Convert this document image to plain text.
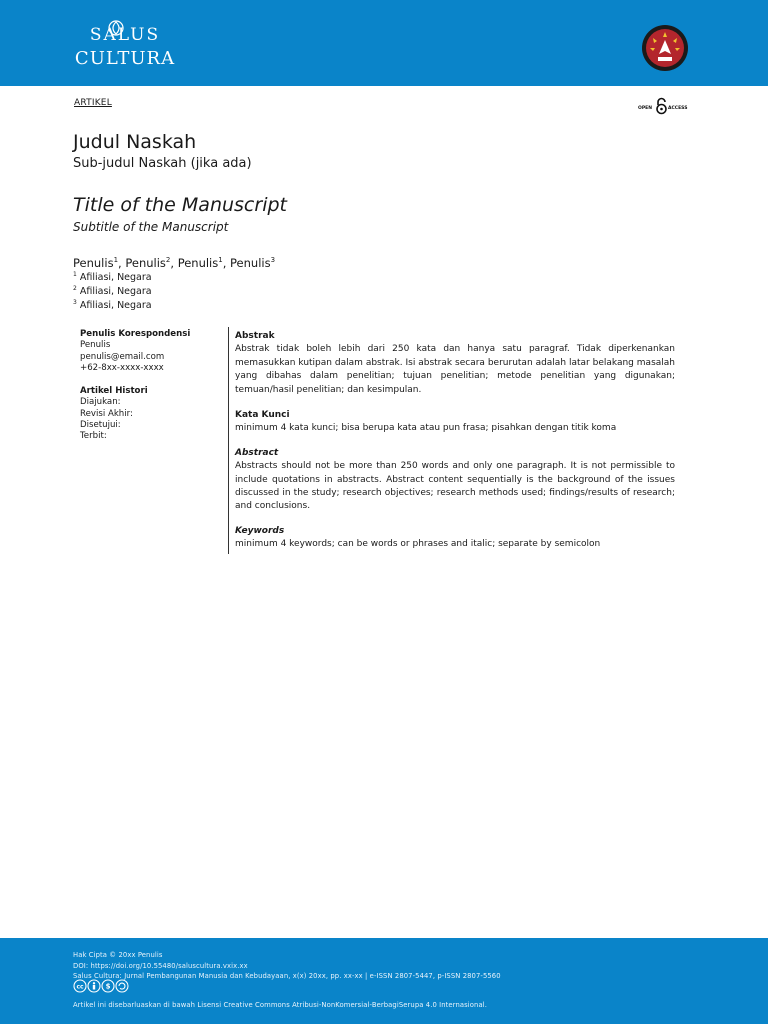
SALUS
CULTURA
ARTIKEL
OPEN	ACCESS
Judul Naskah
Sub-judul Naskah (jika ada)
Title of the Manuscript
Subtitle of the Manuscript
Penulis$^1$, Penulis$^2$, Penulis$^1$, Penulis$^3$
$^1$ Afiliasi, Negara
$^2$ Afiliasi, Negara
$^3$ Afiliasi, Negara
Penulis Korespondensi
Penulis
penulis@email.com
+62-8xx-xxxx-xxxx
Artikel Histori
Diajukan:
Revisi Akhir:
Disetujui:
Terbit:
Abstrak

Abstrak tidak boleh lebih dari 250 kata dan hanya satu paragraf. Tidak diperkenankan memasukkan kutipan dalam abstrak. Isi abstrak secara berurutan adalah latar belakang masalah yang dibahas dalam penelitian; tujuan penelitian; metode penelitian yang digunakan; temuan/hasil penelitian; dan kesimpulan.

Kata Kunci

minimum 4 kata kunci; bisa berupa kata atau pun frasa; pisahkan dengan titik koma

Abstract

Abstracts should not be more than 250 words and only one paragraph. It is not permissible to include quotations in abstracts. Abstract content sequentially is the background of the issues discussed in the study; research objectives; research methods used; findings/results of research; and conclusions.

Keywords

minimum 4 keywords; can be words or phrases and italic; separate by semicolon

Hak Cipta © 20xx Penulis
DOI: https://doi.org/10.55480/saluscultura.vxix.xx
Salus Cultura: Jurnal Pembangunan Manusia dan Kebudayaan, x(x) 20xx, pp. xx-xx | e-ISSN 2807-5447, p-ISSN 2807-5560
cc	$
Artikel ini disebarluaskan di bawah Lisensi Creative Commons Atribusi-NonKomersial-BerbagiSerupa 4.0 Internasional.
